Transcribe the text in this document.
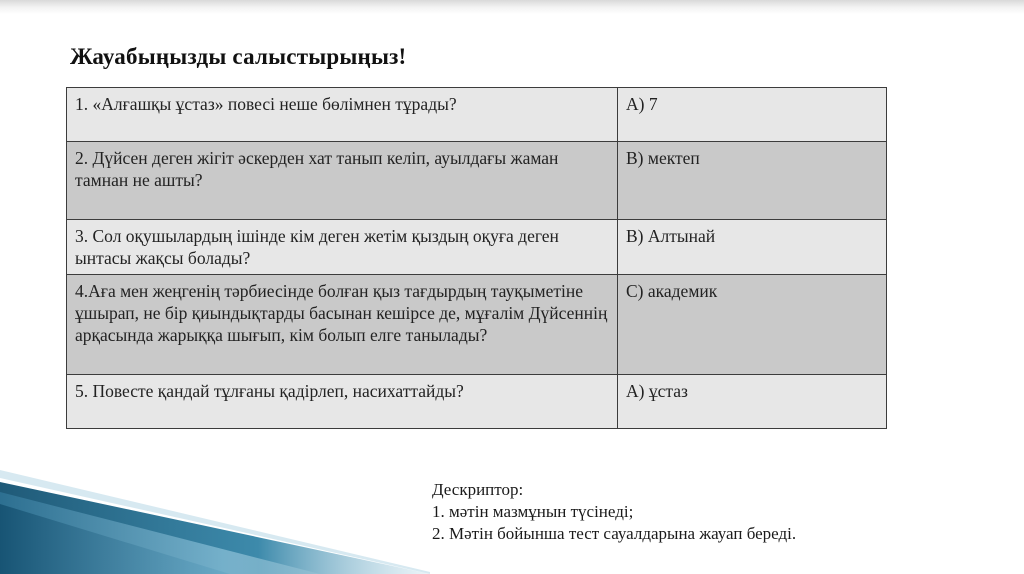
Жауабыңызды салыстырыңыз!
1. «Алғашқы ұстаз» повесі неше бөлімнен тұрады?	А) 7
2. Дүйсен деген жігіт әскерден хат танып келіп, ауылдағы жаман тамнан не ашты?	В) мектеп
3. Сол оқушылардың ішінде кім деген жетім қыздың оқуға деген ынтасы жақсы болады?	В) Алтынай
4.Аға мен жеңгенің тәрбиесінде болған қыз тағдырдың тауқыметіне ұшырап, не бір қиындықтарды басынан кешірсе де, мұғалім Дүйсеннің арқасында жарыққа шығып, кім болып елге танылады?	С) академик
5. Повесте қандай тұлғаны қадірлеп, насихаттайды?	А) ұстаз
Дескриптор:
1. мәтін мазмұнын түсінеді;
2. Мәтін бойынша тест сауалдарына жауап береді.
